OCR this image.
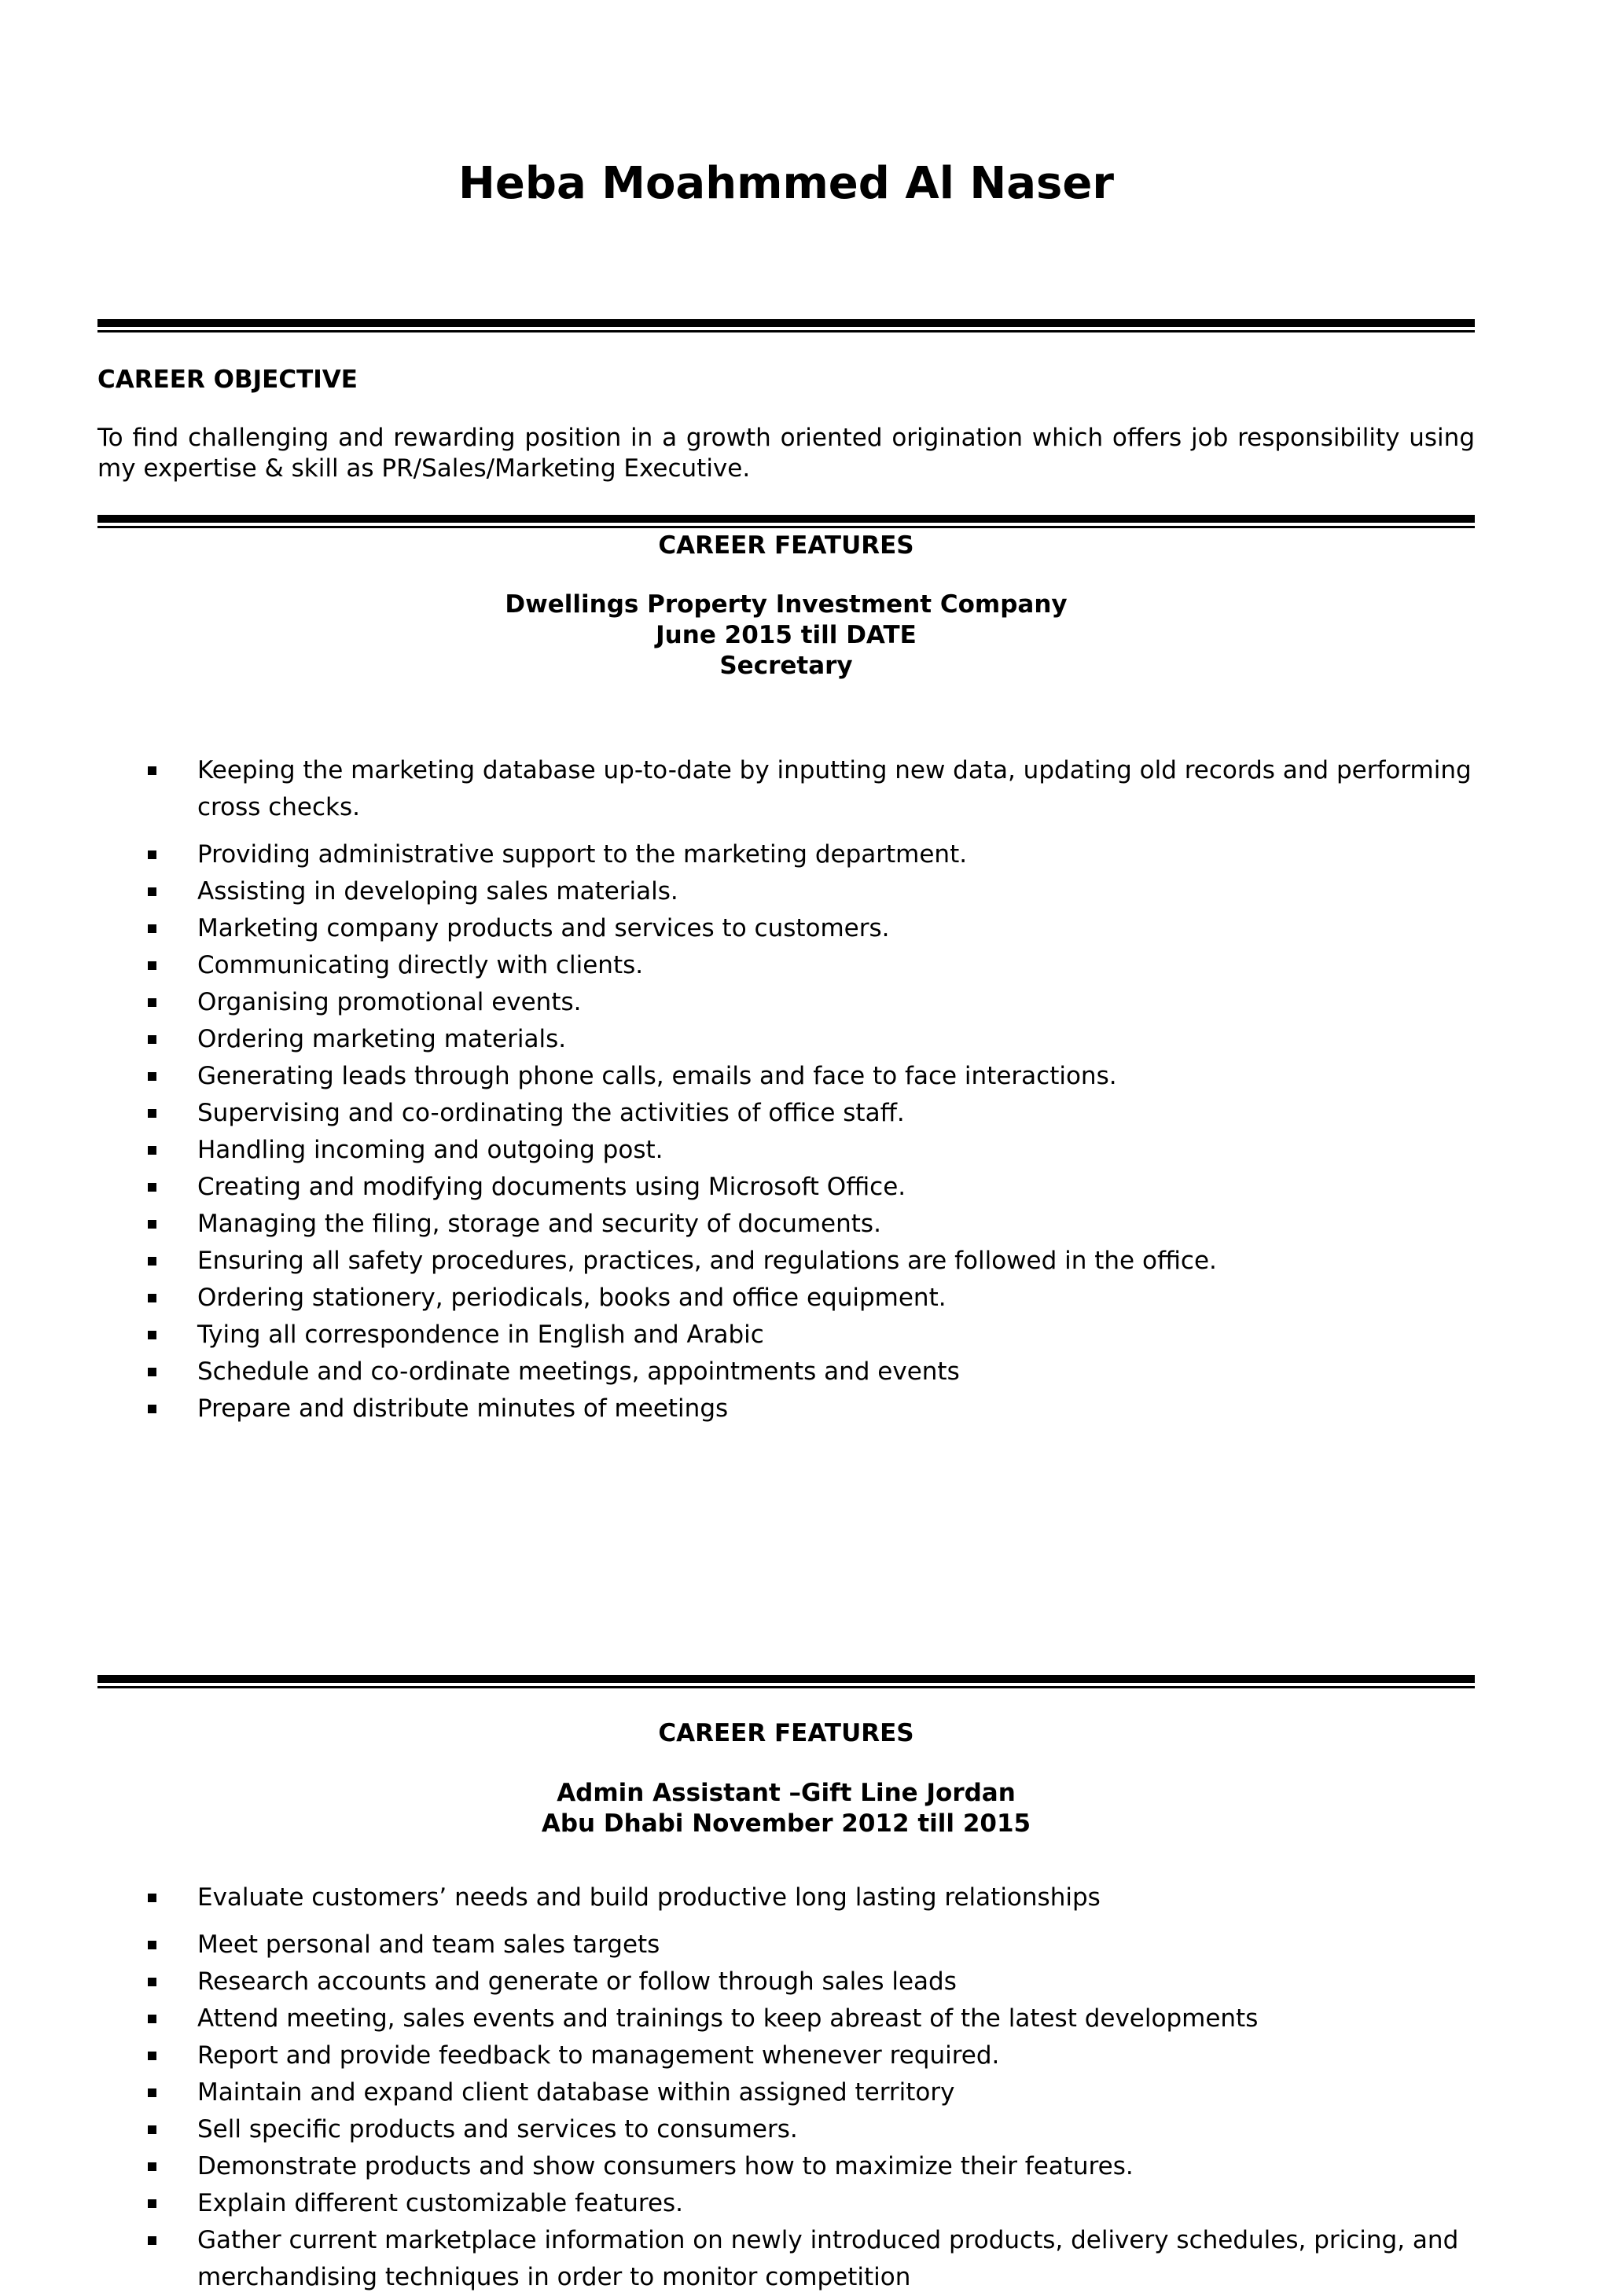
Heba Moahmmed Al Naser
CAREER OBJECTIVE
To find challenging and rewarding position in a growth oriented origination which offers job responsibility using my expertise & skill as PR/Sales/Marketing Executive.
CAREER FEATURES
Dwellings Property Investment Company
June 2015 till DATE
Secretary
Keeping the marketing database up-to-date by inputting new data, updating old records and performing cross checks.
Providing administrative support to the marketing department.
Assisting in developing sales materials.
Marketing company products and services to customers.
Communicating directly with clients.
Organising promotional events.
Ordering marketing materials.
Generating leads through phone calls, emails and face to face interactions.
Supervising and co-ordinating the activities of office staff.
Handling incoming and outgoing post.
Creating and modifying documents using Microsoft Office.
Managing the filing, storage and security of documents.
Ensuring all safety procedures, practices, and regulations are followed in the office.
Ordering stationery, periodicals, books and office equipment.
Tying all correspondence in English and Arabic
Schedule and co-ordinate meetings, appointments and events
Prepare and distribute minutes of meetings
CAREER FEATURES
Admin Assistant –Gift Line Jordan
Abu Dhabi November 2012 till 2015
Evaluate customers’ needs and build productive long lasting relationships
Meet personal and team sales targets
Research accounts and generate or follow through sales leads
Attend meeting, sales events and trainings to keep abreast of the latest developments
Report and provide feedback to management whenever required.
Maintain and expand client database within assigned territory
Sell specific products and services to consumers.
Demonstrate products and show consumers how to maximize their features.
Explain different customizable features.
Gather current marketplace information on newly introduced products, delivery schedules, pricing, and merchandising techniques in order to monitor competition
